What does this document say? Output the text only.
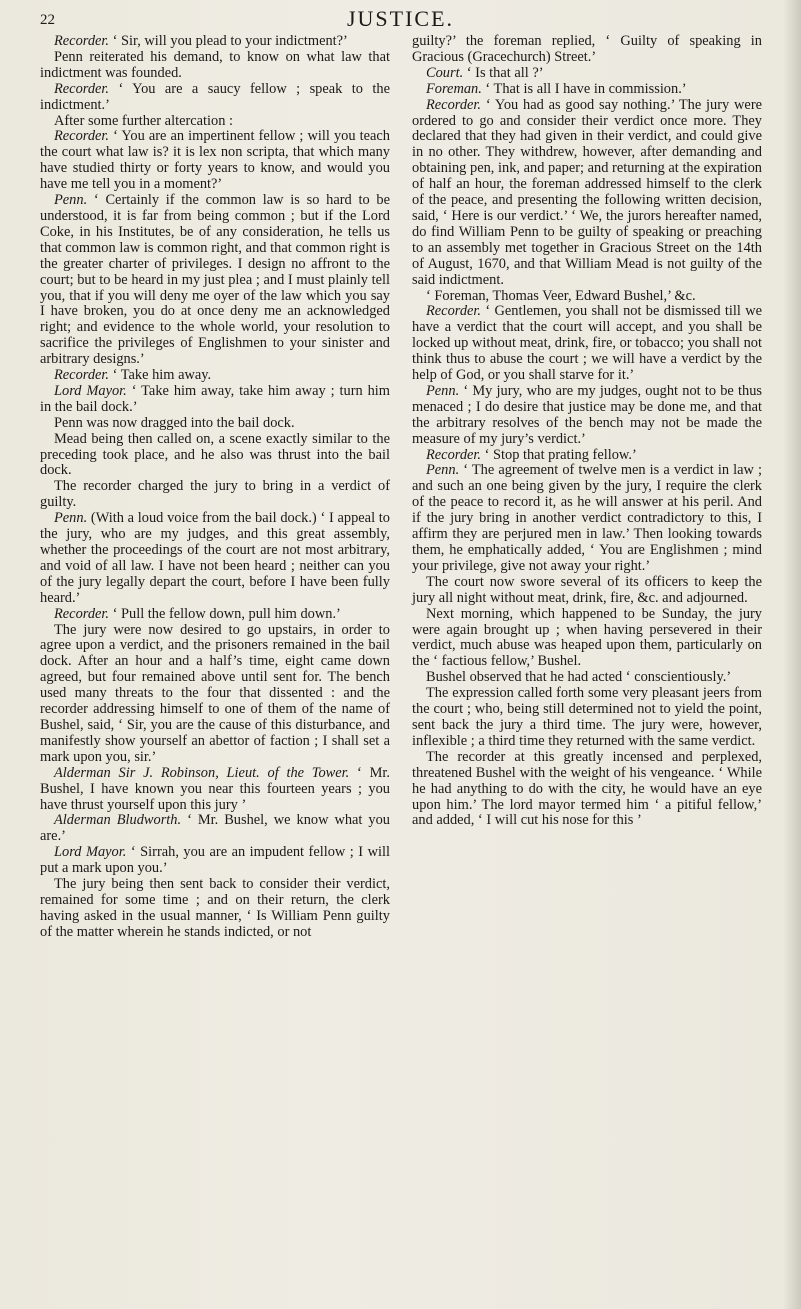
22	JUSTICE.

Recorder. ‘ Sir, will you plead to your indictment?’

Penn reiterated his demand, to know on what law that indictment was founded.

Recorder. ‘ You are a saucy fellow ; speak to the indictment.’

After some further altercation :

Recorder. ‘ You are an impertinent fellow ; will you teach the court what law is? it is lex non scripta, that which many have studied thirty or forty years to know, and would you have me tell you in a moment?’

Penn. ‘ Certainly if the common law is so hard to be understood, it is far from being common ; but if the Lord Coke, in his Institutes, be of any consideration, he tells us that common law is common right, and that common right is the greater charter of privileges. I design no affront to the court; but to be heard in my just plea ; and I must plainly tell you, that if you will deny me oyer of the law which you say I have broken, you do at once deny me an acknowledged right; and evidence to the whole world, your resolution to sacrifice the privileges of Englishmen to your sinister and arbitrary designs.’

Recorder. ‘ Take him away.

Lord Mayor. ‘ Take him away, take him away ; turn him in the bail dock.’

Penn was now dragged into the bail dock.

Mead being then called on, a scene exactly similar to the preceding took place, and he also was thrust into the bail dock.

The recorder charged the jury to bring in a verdict of guilty.

Penn. (With a loud voice from the bail dock.) ‘ I appeal to the jury, who are my judges, and this great assembly, whether the proceedings of the court are not most arbitrary, and void of all law. I have not been heard ; neither can you of the jury legally depart the court, before I have been fully heard.’

Recorder. ‘ Pull the fellow down, pull him down.’

The jury were now desired to go upstairs, in order to agree upon a verdict, and the prisoners remained in the bail dock. After an hour and a half’s time, eight came down agreed, but four remained above until sent for. The bench used many threats to the four that dissented : and the recorder addressing himself to one of them of the name of Bushel, said, ‘ Sir, you are the cause of this disturbance, and manifestly show yourself an abettor of faction ; I shall set a mark upon you, sir.’

Alderman Sir J. Robinson, Lieut. of the Tower. ‘ Mr. Bushel, I have known you near this fourteen years ; you have thrust yourself upon this jury ’

Alderman Bludworth. ‘ Mr. Bushel, we know what you are.’

Lord Mayor. ‘ Sirrah, you are an impudent fellow ; I will put a mark upon you.’

The jury being then sent back to consider their verdict, remained for some time ; and on their return, the clerk having asked in the usual manner, ‘ Is William Penn guilty of the matter wherein he stands indicted, or not

guilty?’ the foreman replied, ‘ Guilty of speaking in Gracious (Gracechurch) Street.’

Court. ‘ Is that all ?’

Foreman. ‘ That is all I have in commission.’

Recorder. ‘ You had as good say nothing.’ The jury were ordered to go and consider their verdict once more. They declared that they had given in their verdict, and could give in no other. They withdrew, however, after demanding and obtaining pen, ink, and paper; and returning at the expiration of half an hour, the foreman addressed himself to the clerk of the peace, and presenting the following written decision, said, ‘ Here is our verdict.’ ‘ We, the jurors hereafter named, do find William Penn to be guilty of speaking or preaching to an assembly met together in Gracious Street on the 14th of August, 1670, and that William Mead is not guilty of the said indictment.

‘ Foreman, Thomas Veer, Edward Bushel,’ &c.

Recorder. ‘ Gentlemen, you shall not be dismissed till we have a verdict that the court will accept, and you shall be locked up without meat, drink, fire, or tobacco; you shall not think thus to abuse the court ; we will have a verdict by the help of God, or you shall starve for it.’

Penn. ‘ My jury, who are my judges, ought not to be thus menaced ; I do desire that justice may be done me, and that the arbitrary resolves of the bench may not be made the measure of my jury’s verdict.’

Recorder. ‘ Stop that prating fellow.’

Penn. ‘ The agreement of twelve men is a verdict in law ; and such an one being given by the jury, I require the clerk of the peace to record it, as he will answer at his peril. And if the jury bring in another verdict contradictory to this, I affirm they are perjured men in law.’ Then looking towards them, he emphatically added, ‘ You are Englishmen ; mind your privilege, give not away your right.’

The court now swore several of its officers to keep the jury all night without meat, drink, fire, &c. and adjourned.

Next morning, which happened to be Sunday, the jury were again brought up ; when having persevered in their verdict, much abuse was heaped upon them, particularly on the ‘ factious fellow,’ Bushel.

Bushel observed that he had acted ‘ conscientiously.’

The expression called forth some very pleasant jeers from the court ; who, being still determined not to yield the point, sent back the jury a third time. The jury were, however, inflexible ; a third time they returned with the same verdict.

The recorder at this greatly incensed and perplexed, threatened Bushel with the weight of his vengeance. ‘ While he had anything to do with the city, he would have an eye upon him.’ The lord mayor termed him ‘ a pitiful fellow,’ and added, ‘ I will cut his nose for this ’
